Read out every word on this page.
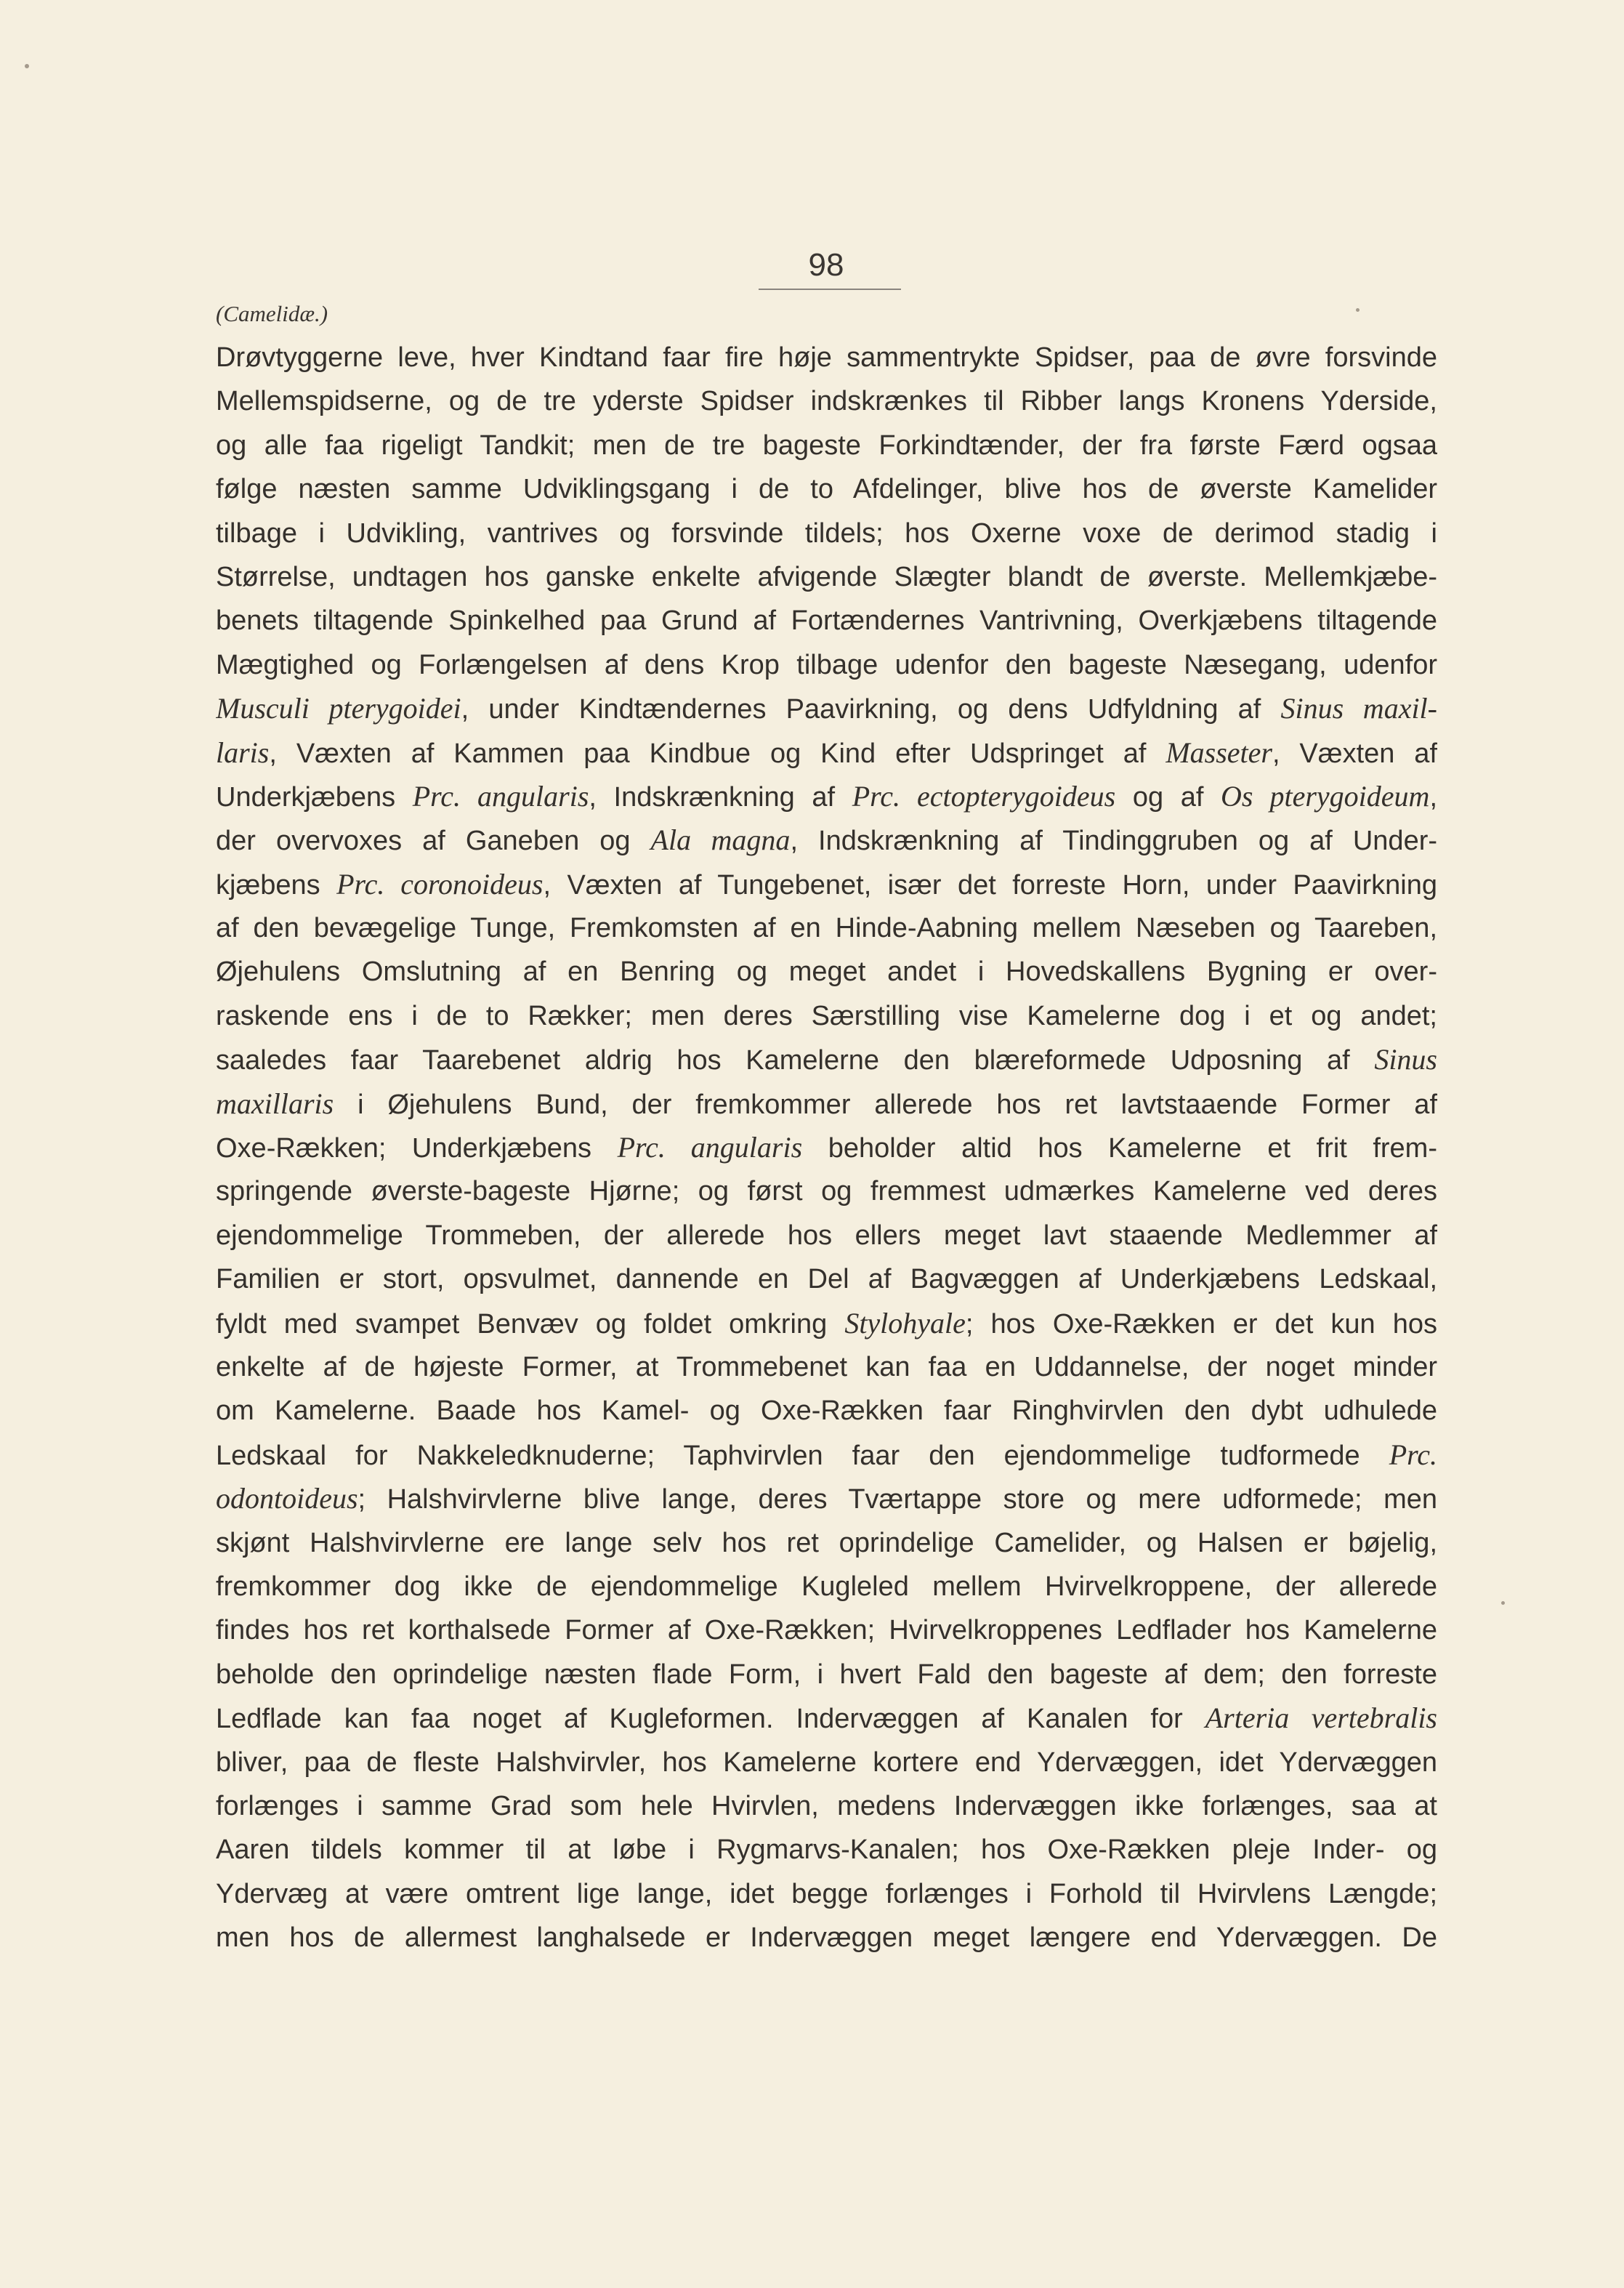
98
(Camelidæ.)
Drøvtyggerne leve, hver Kindtand faar fire høje sammentrykte Spidser, paa de øvre forsvinde
Mellemspidserne, og de tre yderste Spidser indskrænkes til Ribber langs Kronens Yderside,
og alle faa rigeligt Tandkit; men de tre bageste Forkindtænder, der fra første Færd ogsaa
følge næsten samme Udviklingsgang i de to Afdelinger, blive hos de øverste Kamelider
tilbage i Udvikling, vantrives og forsvinde tildels; hos Oxerne voxe de derimod stadig i
Størrelse, undtagen hos ganske enkelte afvigende Slægter blandt de øverste. Mellemkjæbe-
benets tiltagende Spinkelhed paa Grund af Fortændernes Vantrivning, Overkjæbens tiltagende
Mægtighed og Forlængelsen af dens Krop tilbage udenfor den bageste Næsegang, udenfor
Musculi pterygoidei, under Kindtændernes Paavirkning, og dens Udfyldning af Sinus maxil-
laris, Væxten af Kammen paa Kindbue og Kind efter Udspringet af Masseter, Væxten af
Underkjæbens Prc. angularis, Indskrænkning af Prc. ectopterygoideus og af Os pterygoideum,
der overvoxes af Ganeben og Ala magna, Indskrænkning af Tindinggruben og af Under-
kjæbens Prc. coronoideus, Væxten af Tungebenet, især det forreste Horn, under Paavirkning
af den bevægelige Tunge, Fremkomsten af en Hinde-Aabning mellem Næseben og Taareben,
Øjehulens Omslutning af en Benring og meget andet i Hovedskallens Bygning er over-
raskende ens i de to Rækker; men deres Særstilling vise Kamelerne dog i et og andet;
saaledes faar Taarebenet aldrig hos Kamelerne den blæreformede Udposning af Sinus
maxillaris i Øjehulens Bund, der fremkommer allerede hos ret lavtstaaende Former af
Oxe-Rækken; Underkjæbens Prc. angularis beholder altid hos Kamelerne et frit frem-
springende øverste-bageste Hjørne; og først og fremmest udmærkes Kamelerne ved deres
ejendommelige Trommeben, der allerede hos ellers meget lavt staaende Medlemmer af
Familien er stort, opsvulmet, dannende en Del af Bagvæggen af Underkjæbens Ledskaal,
fyldt med svampet Benvæv og foldet omkring Stylohyale; hos Oxe-Rækken er det kun hos
enkelte af de højeste Former, at Trommebenet kan faa en Uddannelse, der noget minder
om Kamelerne. Baade hos Kamel- og Oxe-Rækken faar Ringhvirvlen den dybt udhulede
Ledskaal for Nakkeledknuderne; Taphvirvlen faar den ejendommelige tudformede Prc.
odontoideus; Halshvirvlerne blive lange, deres Tværtappe store og mere udformede; men
skjønt Halshvirvlerne ere lange selv hos ret oprindelige Camelider, og Halsen er bøjelig,
fremkommer dog ikke de ejendommelige Kugleled mellem Hvirvelkroppene, der allerede
findes hos ret korthalsede Former af Oxe-Rækken; Hvirvelkroppenes Ledflader hos Kamelerne
beholde den oprindelige næsten flade Form, i hvert Fald den bageste af dem; den forreste
Ledflade kan faa noget af Kugleformen. Indervæggen af Kanalen for Arteria vertebralis
bliver, paa de fleste Halshvirvler, hos Kamelerne kortere end Ydervæggen, idet Ydervæggen
forlænges i samme Grad som hele Hvirvlen, medens Indervæggen ikke forlænges, saa at
Aaren tildels kommer til at løbe i Rygmarvs-Kanalen; hos Oxe-Rækken pleje Inder- og
Ydervæg at være omtrent lige lange, idet begge forlænges i Forhold til Hvirvlens Længde;
men hos de allermest langhalsede er Indervæggen meget længere end Ydervæggen. De
